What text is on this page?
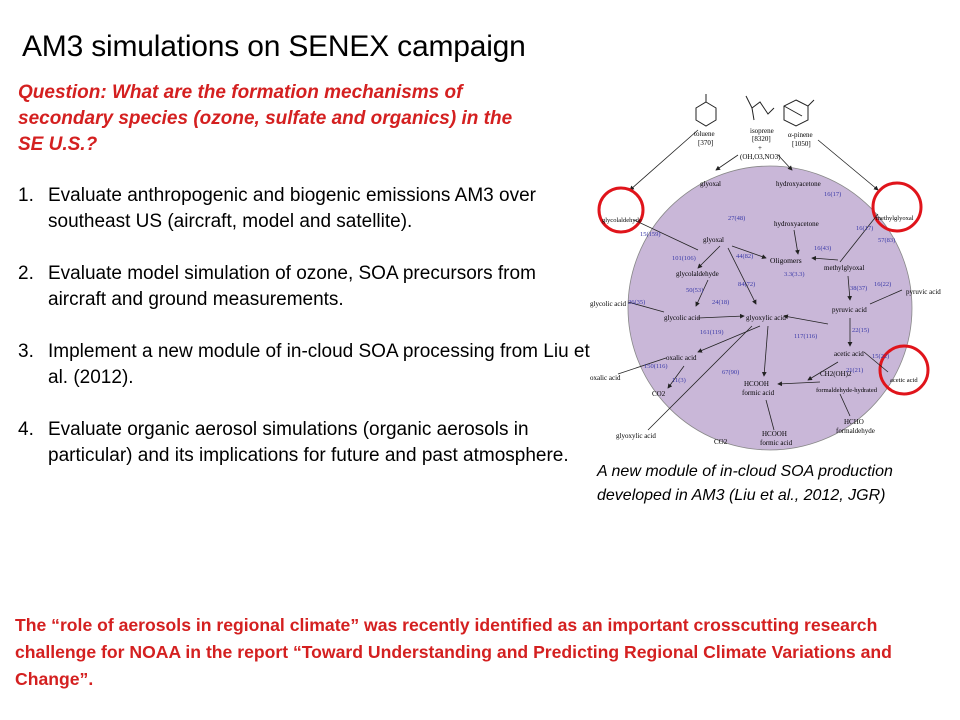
AM3 simulations on SENEX campaign
Question: What are the formation mechanisms of secondary species (ozone, sulfate and organics) in the SE U.S.?
1. Evaluate anthropogenic and biogenic emissions AM3 over southeast US (aircraft, model and satellite).
2. Evaluate model simulation of ozone, SOA precursors from aircraft and ground measurements.
3. Implement a new module of in-cloud SOA processing from Liu et al. (2012).
4. Evaluate organic aerosol simulations (organic aerosols in particular) and its implications for future and past atmosphere.
toluene
[370]
isoprene
[8320]
+
(OH,O3,NO3)
α-pinene
[1050]
glyoxal	hydroxyacetone
glycolaldehyde	methylglyoxal
acetic acid
glyoxal
glycolaldehyde
hydroxyacetone
Oligomers
methylglyoxal
glycolic acid	glyoxylic acid
pyruvic acid
acetic acid
oxalic acid
CH2(OH)2
formaldehyde-hydrated
HCOOH
formic acid
CO2
glycolic acid
pyruvic acid
oxalic acid
glyoxylic acid
CO2
HCOOH
formic acid
HCHO
formaldehyde
15(159)
27(48)
16(17)
16(17)
57(83)
101(106)	44(82)
16(43)
3.3(3.3)
50(53)
84(72)
38(37)
16(22)
26(35)	24(18)
22(15)
161(119)
117(116)
15(22)
150(116)
67(90)	21(21)
11(3)
A new module of in-cloud SOA production developed in AM3 (Liu et al., 2012, JGR)
The “role of aerosols in regional climate” was recently identified as an important crosscutting research challenge for NOAA in the report “Toward Understanding and Predicting Regional Climate Variations and Change”.
